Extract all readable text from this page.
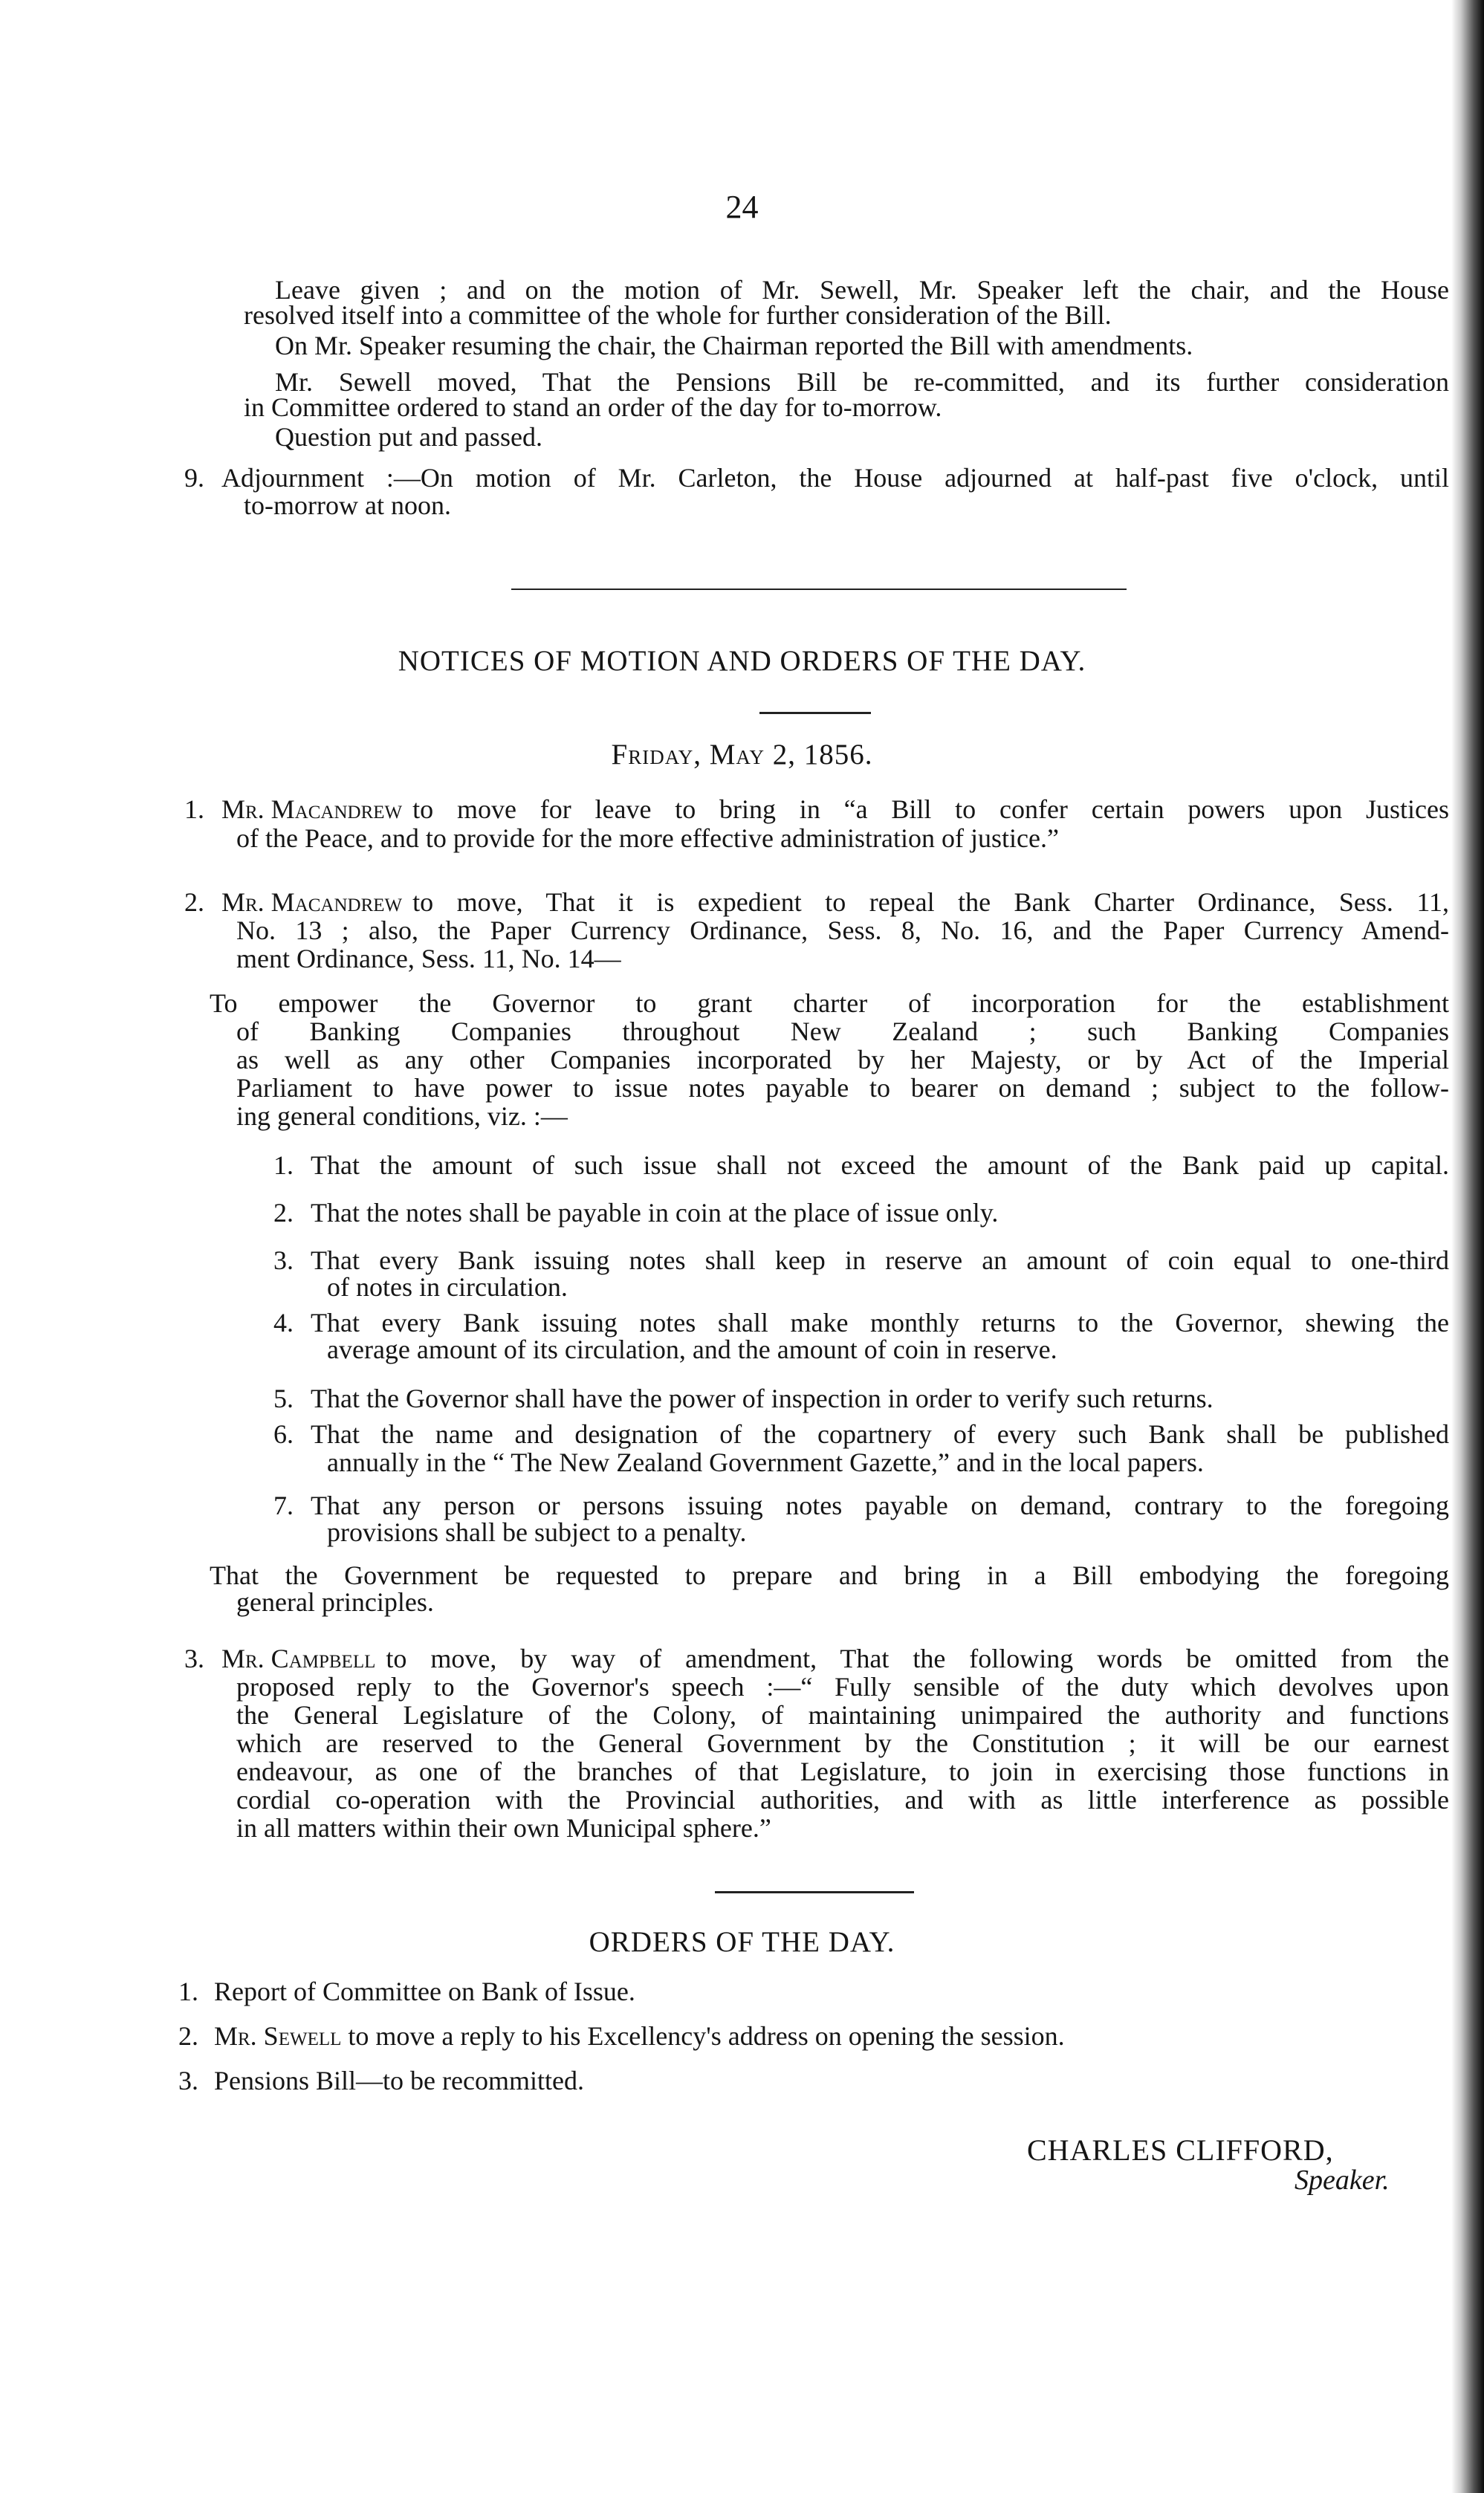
24
Leave given ; and on the motion of Mr. Sewell, Mr. Speaker left the chair, and the House
resolved itself into a committee of the whole for further consideration of the Bill.
On Mr. Speaker resuming the chair, the Chairman reported the Bill with amendments.
Mr. Sewell moved, That the Pensions Bill be re-committed, and its further consideration
in Committee ordered to stand an order of the day for to-morrow.
Question put and passed.
9. Adjournment :—On motion of Mr. Carleton, the House adjourned at half-past five o'clock, until
to-morrow at noon.
NOTICES OF MOTION AND ORDERS OF THE DAY.
Friday, May 2, 1856.
1. Mr. Macandrew to move for leave to bring in “a Bill to confer certain powers upon Justices
of the Peace, and to provide for the more effective administration of justice.”
2. Mr. Macandrew to move, That it is expedient to repeal the Bank Charter Ordinance, Sess. 11,
No. 13 ; also, the Paper Currency Ordinance, Sess. 8, No. 16, and the Paper Currency Amend-
ment Ordinance, Sess. 11, No. 14—
To empower the Governor to grant charter of incorporation for the establishment
of Banking Companies throughout New Zealand ; such Banking Companies
as well as any other Companies incorporated by her Majesty, or by Act of the Imperial
Parliament to have power to issue notes payable to bearer on demand ; subject to the follow-
ing general conditions, viz. :—
1. That the amount of such issue shall not exceed the amount of the Bank paid up capital.
2. That the notes shall be payable in coin at the place of issue only.
3. That every Bank issuing notes shall keep in reserve an amount of coin equal to one-third
of notes in circulation.
4. That every Bank issuing notes shall make monthly returns to the Governor, shewing the
average amount of its circulation, and the amount of coin in reserve.
5. That the Governor shall have the power of inspection in order to verify such returns.
6. That the name and designation of the copartnery of every such Bank shall be published
annually in the “ The New Zealand Government Gazette,” and in the local papers.
7. That any person or persons issuing notes payable on demand, contrary to the foregoing
provisions shall be subject to a penalty.
That the Government be requested to prepare and bring in a Bill embodying the foregoing
general principles.
3. Mr. Campbell to move, by way of amendment, That the following words be omitted from the
proposed reply to the Governor's speech :—“ Fully sensible of the duty which devolves upon
the General Legislature of the Colony, of maintaining unimpaired the authority and functions
which are reserved to the General Government by the Constitution ; it will be our earnest
endeavour, as one of the branches of that Legislature, to join in exercising those functions in
cordial co-operation with the Provincial authorities, and with as little interference as possible
in all matters within their own Municipal sphere.”
ORDERS OF THE DAY.
1. Report of Committee on Bank of Issue.
2. Mr. Sewell to move a reply to his Excellency's address on opening the session.
3. Pensions Bill—to be recommitted.
CHARLES CLIFFORD,
Speaker.
